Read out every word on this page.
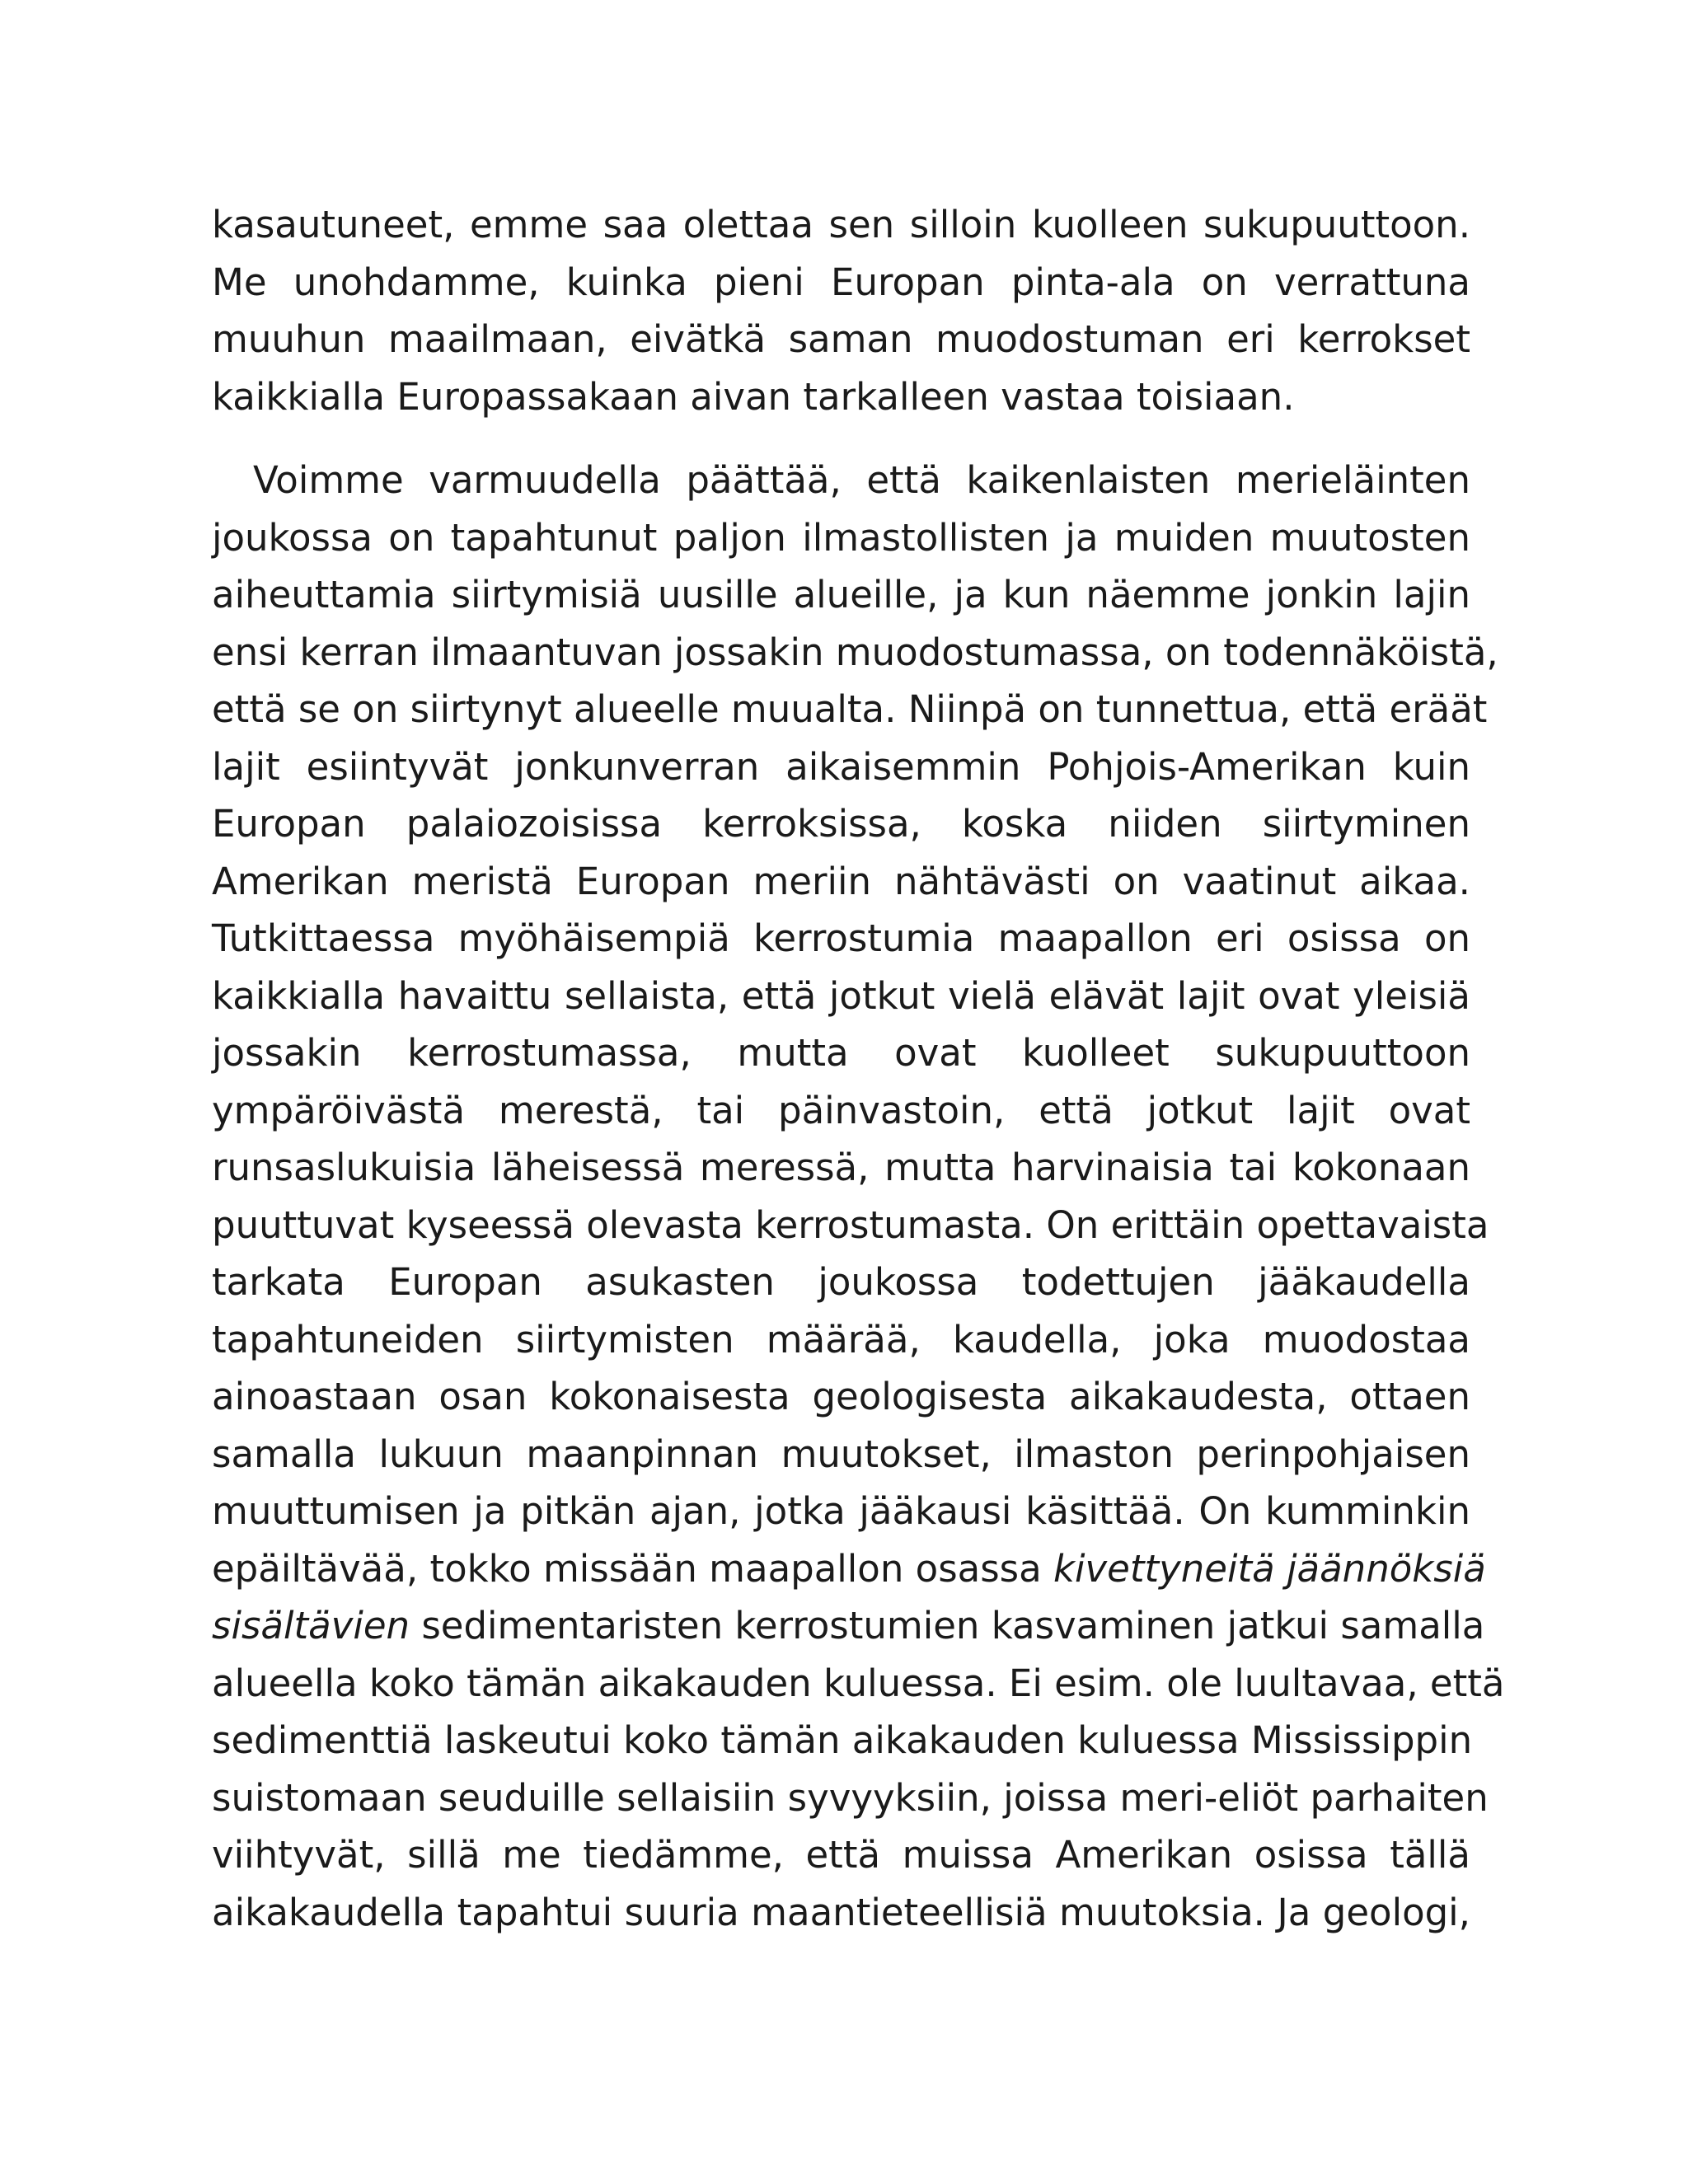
kasautuneet, emme saa olettaa sen silloin kuolleen sukupuuttoon.
Me unohdamme, kuinka pieni Europan pinta-ala on verrattuna
muuhun maailmaan, eivätkä saman muodostuman eri kerrokset
kaikkialla Europassakaan aivan tarkalleen vastaa toisiaan.

Voimme varmuudella päättää, että kaikenlaisten merieläinten
joukossa on tapahtunut paljon ilmastollisten ja muiden muutosten
aiheuttamia siirtymisiä uusille alueille, ja kun näemme jonkin lajin
ensi kerran ilmaantuvan jossakin muodostumassa, on todennäköistä,
että se on siirtynyt alueelle muualta. Niinpä on tunnettua, että eräät
lajit esiintyvät jonkunverran aikaisemmin Pohjois-Amerikan kuin
Europan palaiozoisissa kerroksissa, koska niiden siirtyminen
Amerikan meristä Europan meriin nähtävästi on vaatinut aikaa.
Tutkittaessa myöhäisempiä kerrostumia maapallon eri osissa on
kaikkialla havaittu sellaista, että jotkut vielä elävät lajit ovat yleisiä
jossakin kerrostumassa, mutta ovat kuolleet sukupuuttoon
ympäröivästä merestä, tai päinvastoin, että jotkut lajit ovat
runsaslukuisia läheisessä meressä, mutta harvinaisia tai kokonaan
puuttuvat kyseessä olevasta kerrostumasta. On erittäin opettavaista
tarkata Europan asukasten joukossa todettujen jääkaudella
tapahtuneiden siirtymisten määrää, kaudella, joka muodostaa
ainoastaan osan kokonaisesta geologisesta aikakaudesta, ottaen
samalla lukuun maanpinnan muutokset, ilmaston perinpohjaisen
muuttumisen ja pitkän ajan, jotka jääkausi käsittää. On kumminkin
epäiltävää, tokko missään maapallon osassa kivettyneitä jäännöksiä
sisältävien sedimentaristen kerrostumien kasvaminen jatkui samalla
alueella koko tämän aikakauden kuluessa. Ei esim. ole luultavaa, että
sedimenttiä laskeutui koko tämän aikakauden kuluessa Mississippin
suistomaan seuduille sellaisiin syvyyksiin, joissa meri-eliöt parhaiten
viihtyvät, sillä me tiedämme, että muissa Amerikan osissa tällä
aikakaudella tapahtui suuria maantieteellisiä muutoksia. Ja geologi,
